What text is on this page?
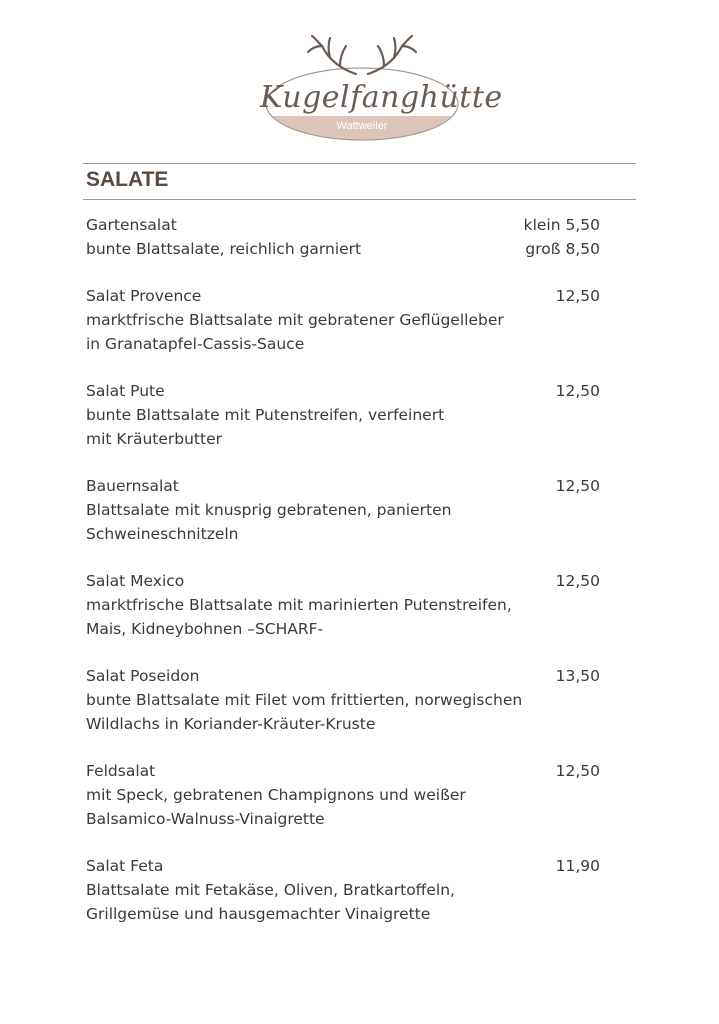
Kugelfanghütte
Wattweiler
SALATE
Gartensalat
bunte Blattsalate, reichlich garniert
klein 5,50
groß 8,50
Salat Provence
marktfrische Blattsalate mit gebratener Geflügelleber
in Granatapfel-Cassis-Sauce
12,50
Salat Pute
bunte Blattsalate mit Putenstreifen, verfeinert
mit Kräuterbutter
12,50
Bauernsalat
Blattsalate mit knusprig gebratenen, panierten
Schweineschnitzeln
12,50
Salat Mexico
marktfrische Blattsalate mit marinierten Putenstreifen,
Mais, Kidneybohnen –SCHARF-
12,50
Salat Poseidon
bunte Blattsalate mit Filet vom frittierten, norwegischen
Wildlachs in Koriander-Kräuter-Kruste
13,50
Feldsalat
mit Speck, gebratenen Champignons und weißer
Balsamico-Walnuss-Vinaigrette
12,50
Salat Feta
Blattsalate mit Fetakäse, Oliven, Bratkartoffeln,
Grillgemüse und hausgemachter Vinaigrette
11,90
